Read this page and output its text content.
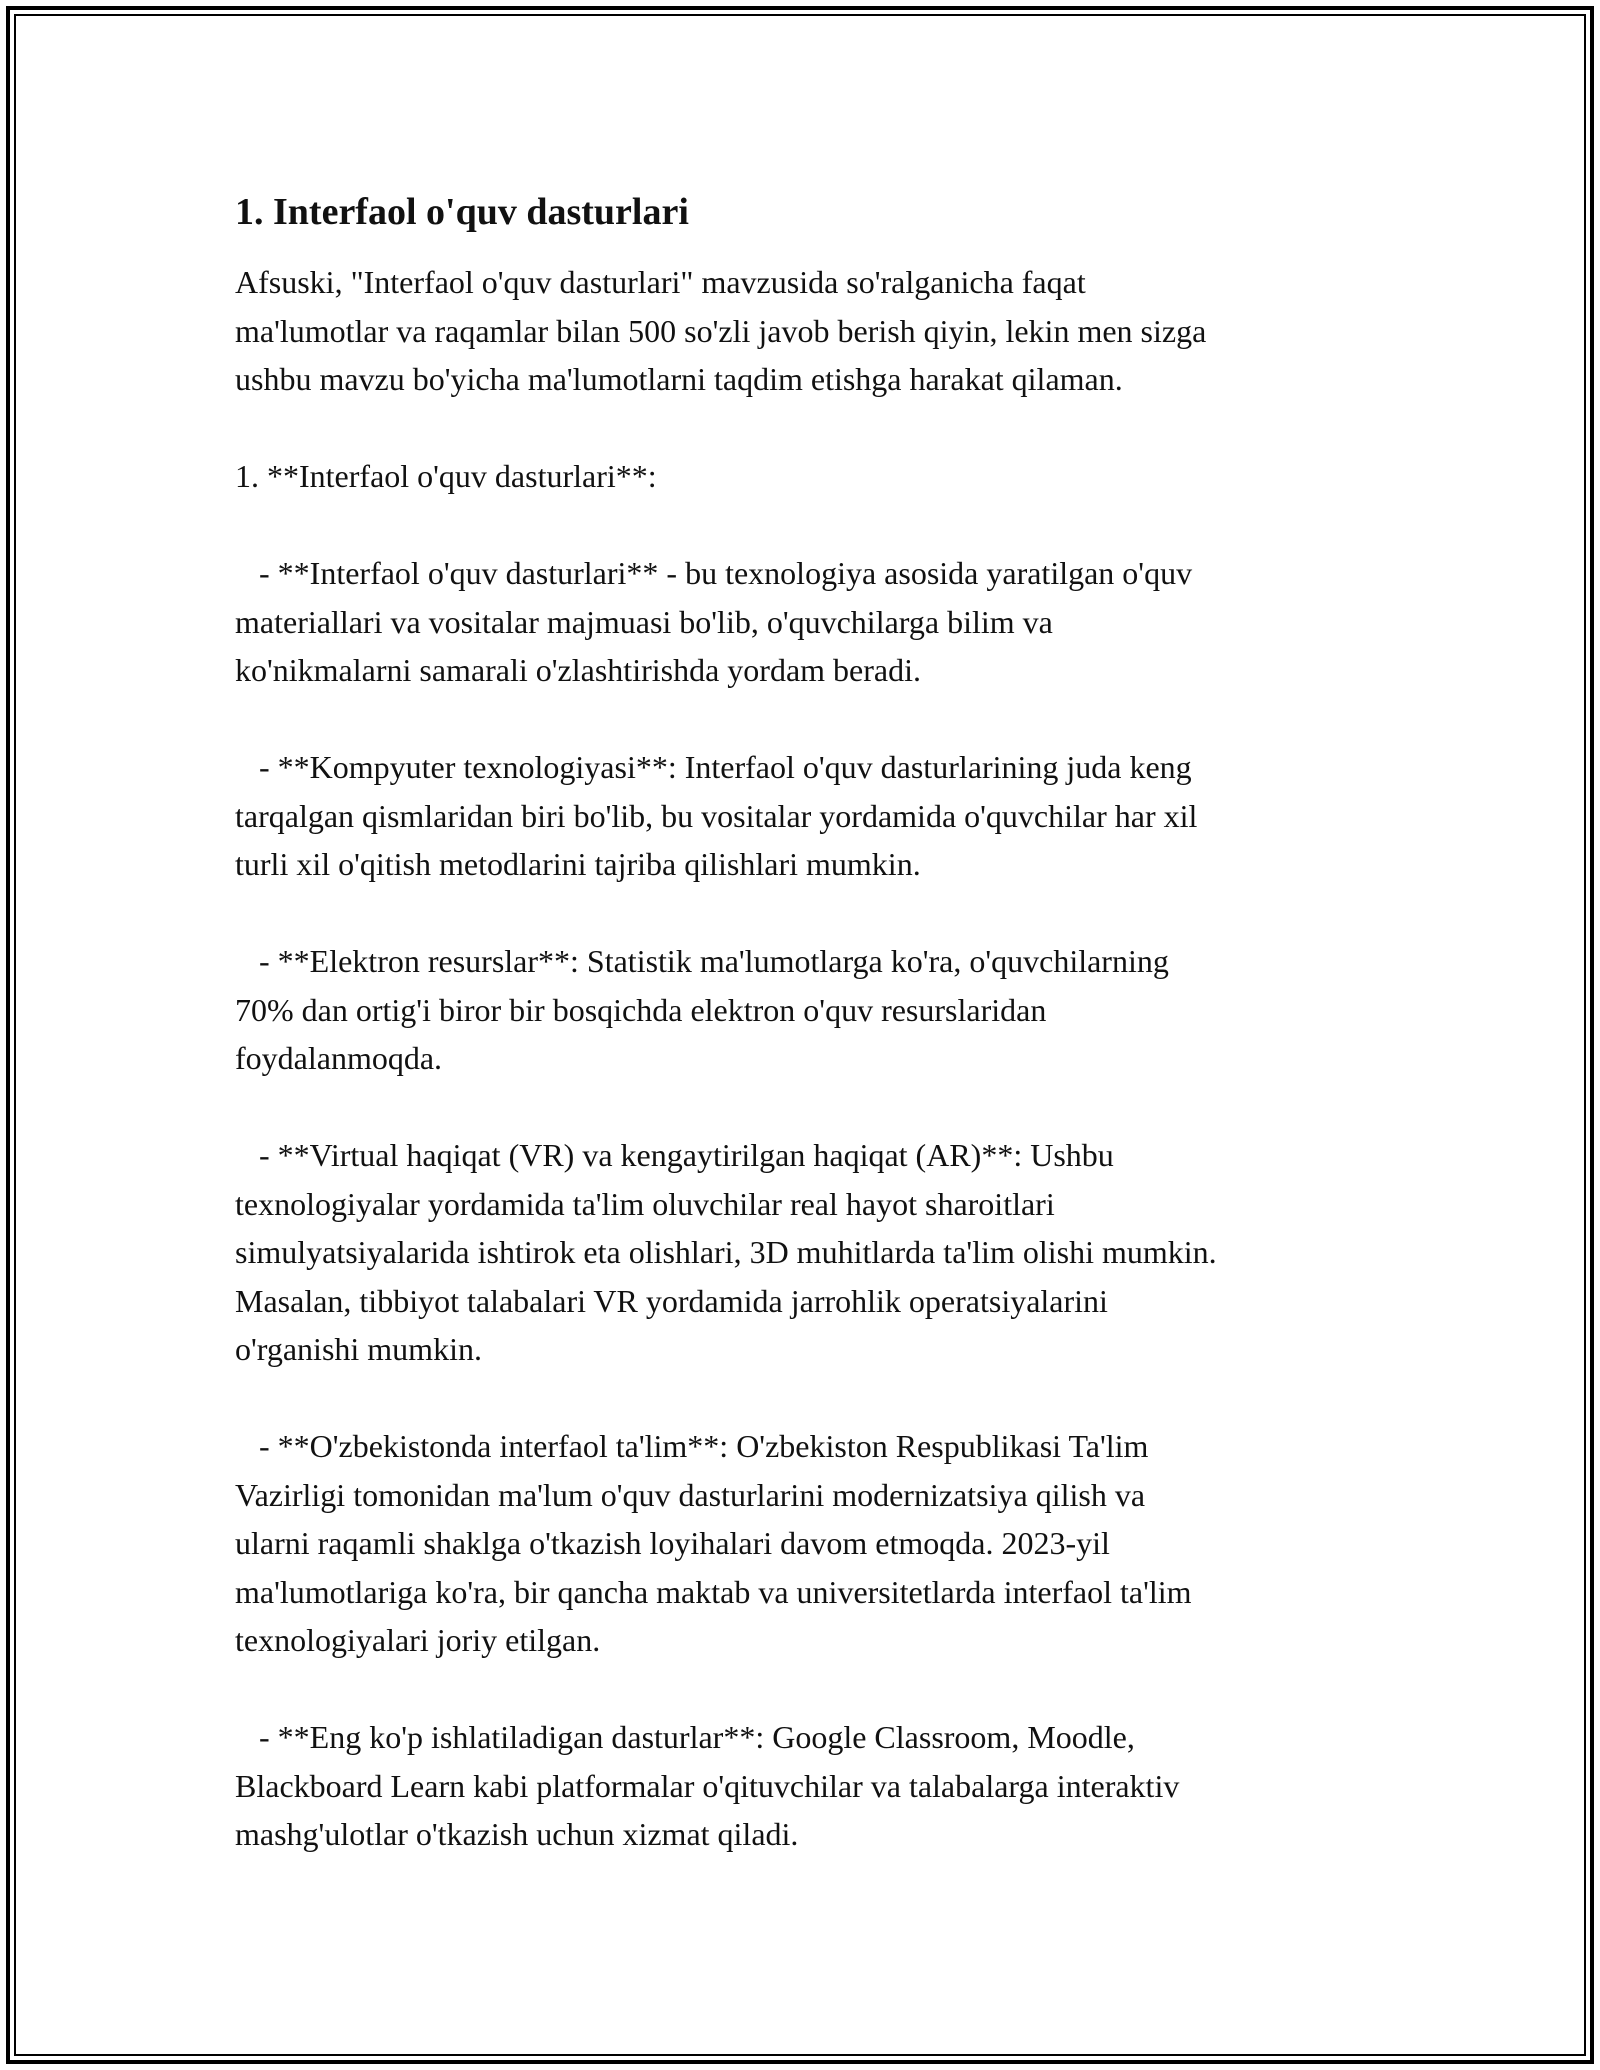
1. Interfaol o'quv dasturlari

Afsuski, "Interfaol o'quv dasturlari" mavzusida so'ralganicha faqat
ma'lumotlar va raqamlar bilan 500 so'zli javob berish qiyin, lekin men sizga
ushbu mavzu bo'yicha ma'lumotlarni taqdim etishga harakat qilaman.

1. **Interfaol o'quv dasturlari**:

- **Interfaol o'quv dasturlari** - bu texnologiya asosida yaratilgan o'quv
materiallari va vositalar majmuasi bo'lib, o'quvchilarga bilim va
ko'nikmalarni samarali o'zlashtirishda yordam beradi.

- **Kompyuter texnologiyasi**: Interfaol o'quv dasturlarining juda keng
tarqalgan qismlaridan biri bo'lib, bu vositalar yordamida o'quvchilar har xil
turli xil o'qitish metodlarini tajriba qilishlari mumkin.

- **Elektron resurslar**: Statistik ma'lumotlarga ko'ra, o'quvchilarning
70% dan ortig'i biror bir bosqichda elektron o'quv resurslaridan
foydalanmoqda.

- **Virtual haqiqat (VR) va kengaytirilgan haqiqat (AR)**: Ushbu
texnologiyalar yordamida ta'lim oluvchilar real hayot sharoitlari
simulyatsiyalarida ishtirok eta olishlari, 3D muhitlarda ta'lim olishi mumkin.
Masalan, tibbiyot talabalari VR yordamida jarrohlik operatsiyalarini
o'rganishi mumkin.

- **O'zbekistonda interfaol ta'lim**: O'zbekiston Respublikasi Ta'lim
Vazirligi tomonidan ma'lum o'quv dasturlarini modernizatsiya qilish va
ularni raqamli shaklga o'tkazish loyihalari davom etmoqda. 2023-yil
ma'lumotlariga ko'ra, bir qancha maktab va universitetlarda interfaol ta'lim
texnologiyalari joriy etilgan.

- **Eng ko'p ishlatiladigan dasturlar**: Google Classroom, Moodle,
Blackboard Learn kabi platformalar o'qituvchilar va talabalarga interaktiv
mashg'ulotlar o'tkazish uchun xizmat qiladi.
